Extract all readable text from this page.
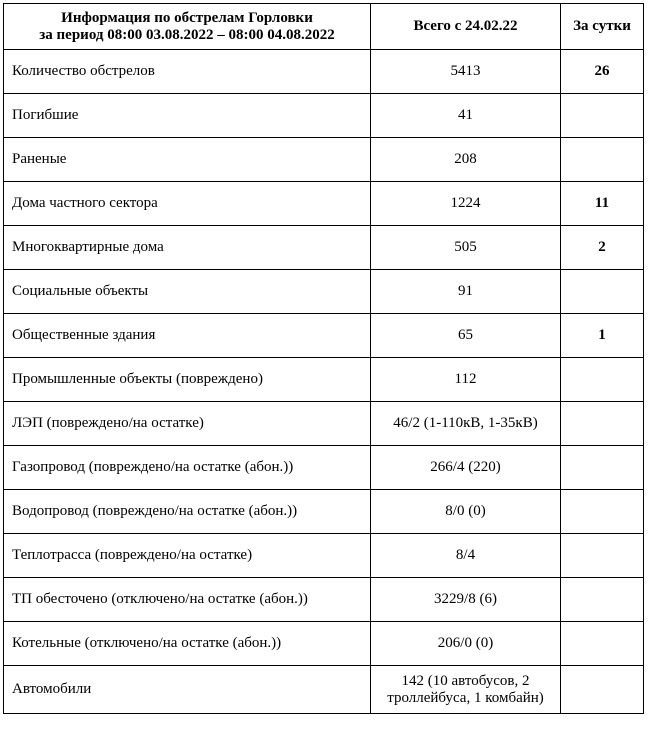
Информация по обстрелам Горловки
за период 08:00 03.08.2022 – 08:00 04.08.2022	Всего с 24.02.22	За сутки
Количество обстрелов	5413	26
Погибшие	41	
Раненые	208	
Дома частного сектора	1224	11
Многоквартирные дома	505	2
Социальные объекты	91	
Общественные здания	65	1
Промышленные объекты (повреждено)	112	
ЛЭП (повреждено/на остатке)	46/2 (1-110кВ, 1-35кВ)	
Газопровод (повреждено/на остатке (абон.))	266/4 (220)	
Водопровод (повреждено/на остатке (абон.))	8/0 (0)	
Теплотрасса (повреждено/на остатке)	8/4	
ТП обесточено (отключено/на остатке (абон.))	3229/8 (6)	
Котельные (отключено/на остатке (абон.))	206/0 (0)	
Автомобили	142 (10 автобусов, 2
троллейбуса, 1 комбайн)	
